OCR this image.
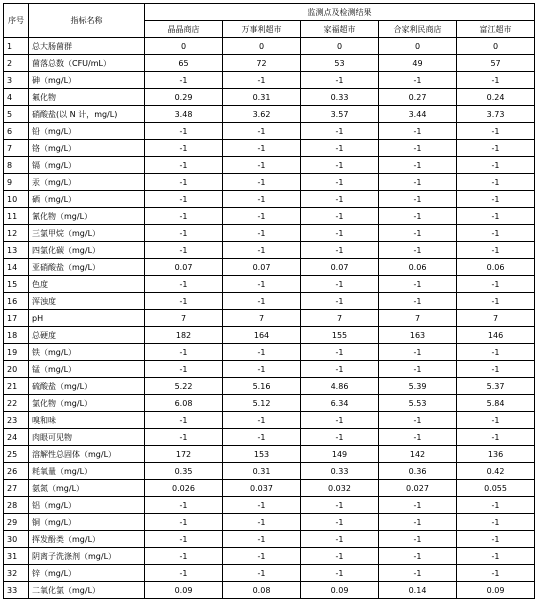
序号	指标名称	监测点及检测结果				
		晶晶商店	万事利超市	家福超市	合家利民商店	富江超市
1	总大肠菌群	0	0	0	0	0
2	菌落总数（CFU/mL）	65	72	53	49	57
3	砷（mg/L）	-1	-1	-1	-1	-1
4	氟化物	0.29	0.31	0.33	0.27	0.24
5	硝酸盐(以 N 计，mg/L)	3.48	3.62	3.57	3.44	3.73
6	铅（mg/L）	-1	-1	-1	-1	-1
7	铬（mg/L）	-1	-1	-1	-1	-1
8	镉（mg/L）	-1	-1	-1	-1	-1
9	汞（mg/L）	-1	-1	-1	-1	-1
10	硒（mg/L）	-1	-1	-1	-1	-1
11	氰化物（mg/L）	-1	-1	-1	-1	-1
12	三氯甲烷（mg/L）	-1	-1	-1	-1	-1
13	四氯化碳（mg/L）	-1	-1	-1	-1	-1
14	亚硝酸盐（mg/L）	0.07	0.07	0.07	0.06	0.06
15	色度	-1	-1	-1	-1	-1
16	浑浊度	-1	-1	-1	-1	-1
17	pH	7	7	7	7	7
18	总硬度	182	164	155	163	146
19	铁（mg/L）	-1	-1	-1	-1	-1
20	锰（mg/L）	-1	-1	-1	-1	-1
21	硫酸盐（mg/L）	5.22	5.16	4.86	5.39	5.37
22	氯化物（mg/L）	6.08	5.12	6.34	5.53	5.84
23	嗅和味	-1	-1	-1	-1	-1
24	肉眼可见物	-1	-1	-1	-1	-1
25	溶解性总固体（mg/L）	172	153	149	142	136
26	耗氧量（mg/L）	0.35	0.31	0.33	0.36	0.42
27	氨氮（mg/L）	0.026	0.037	0.032	0.027	0.055
28	铝（mg/L）	-1	-1	-1	-1	-1
29	铜（mg/L）	-1	-1	-1	-1	-1
30	挥发酚类（mg/L）	-1	-1	-1	-1	-1
31	阴离子洗涤剂（mg/L）	-1	-1	-1	-1	-1
32	锌（mg/L）	-1	-1	-1	-1	-1
33	二氧化氯（mg/L）	0.09	0.08	0.09	0.14	0.09
